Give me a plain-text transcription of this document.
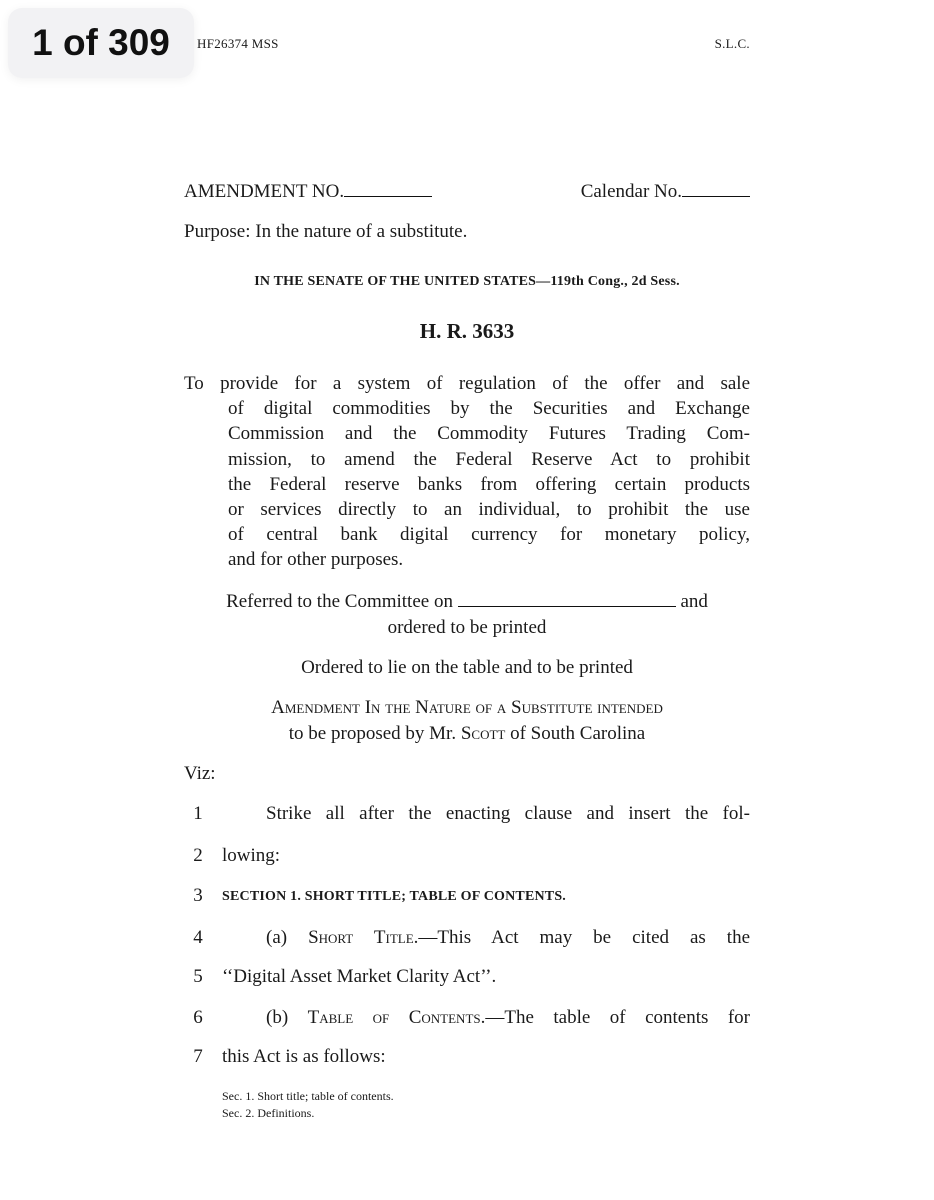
1 of 309	HF26374 MSS	S.L.C.
AMENDMENT NO.	Calendar No.
Purpose: In the nature of a substitute.
IN THE SENATE OF THE UNITED STATES—119th Cong., 2d Sess.
H. R. 3633
To provide for a system of regulation of the offer and sale
of digital commodities by the Securities and Exchange
Commission and the Commodity Futures Trading Com-
mission, to amend the Federal Reserve Act to prohibit
the Federal reserve banks from offering certain products
or services directly to an individual, to prohibit the use
of central bank digital currency for monetary policy,
and for other purposes.
Referred to the Committee on	and
ordered to be printed
Ordered to lie on the table and to be printed
Amendment In the Nature of a Substitute intended
to be proposed by Mr. Scott of South Carolina
Viz:
1	Strike all after the enacting clause and insert the fol-
2	lowing:
3	SECTION 1. SHORT TITLE; TABLE OF CONTENTS.
4	(a) Short Title.—This Act may be cited as the
5	‘‘Digital Asset Market Clarity Act’’.
6	(b) Table of Contents.—The table of contents for
7	this Act is as follows:
Sec. 1. Short title; table of contents.
Sec. 2. Definitions.
